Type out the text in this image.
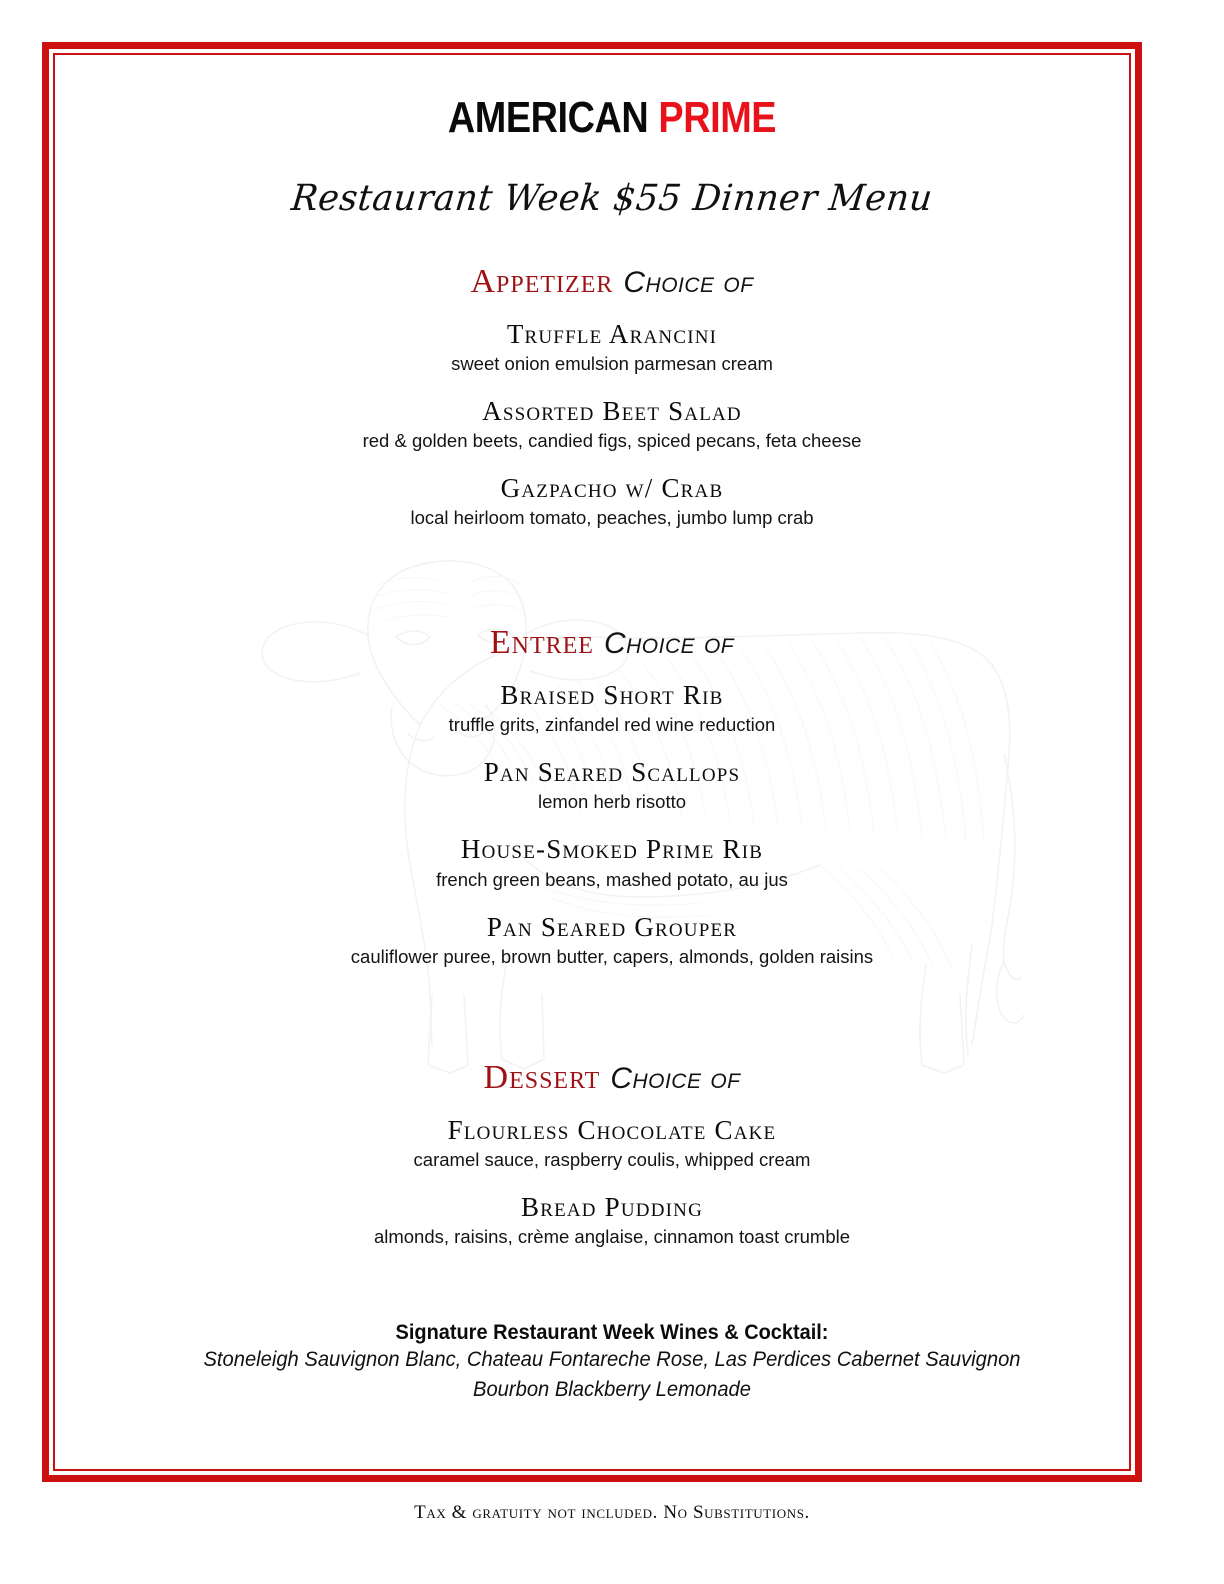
AMERICAN PRIME
Restaurant Week $55 Dinner Menu
Appetizer Choice of
Truffle Arancini
sweet onion emulsion parmesan cream
Assorted Beet Salad
red & golden beets, candied figs, spiced pecans, feta cheese
Gazpacho w/ Crab
local heirloom tomato, peaches, jumbo lump crab
Entree Choice of
Braised Short Rib
truffle grits, zinfandel red wine reduction
Pan Seared Scallops
lemon herb risotto
House-Smoked Prime Rib
french green beans, mashed potato, au jus
Pan Seared Grouper
cauliflower puree, brown butter, capers, almonds, golden raisins
Dessert Choice of
Flourless Chocolate Cake
caramel sauce, raspberry coulis, whipped cream
Bread Pudding
almonds, raisins, crème anglaise, cinnamon toast crumble
Signature Restaurant Week Wines & Cocktail:
Stoneleigh Sauvignon Blanc, Chateau Fontareche Rose, Las Perdices Cabernet Sauvignon
Bourbon Blackberry Lemonade
Tax & gratuity not included. No Substitutions.
